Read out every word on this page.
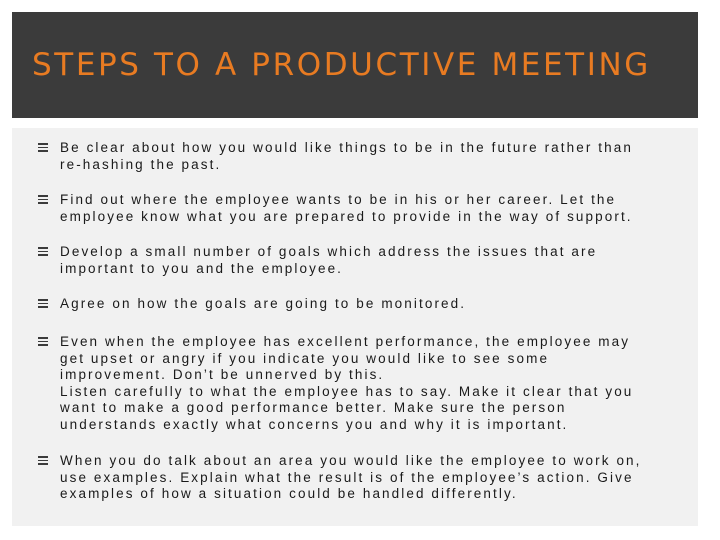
STEPS TO A PRODUCTIVE MEETING
Be clear about how you would like things to be in the future rather than
re-hashing the past.
Find out where the employee wants to be in his or her career. Let the
employee know what you are prepared to provide in the way of support.
Develop a small number of goals which address the issues that are
important to you and the employee.
Agree on how the goals are going to be monitored.
Even when the employee has excellent performance, the employee may
get upset or angry if you indicate you would like to see some
improvement. Don’t be unnerved by this.
Listen carefully to what the employee has to say. Make it clear that you
want to make a good performance better. Make sure the person
understands exactly what concerns you and why it is important.
When you do talk about an area you would like the employee to work on,
use examples. Explain what the result is of the employee’s action. Give
examples of how a situation could be handled differently.
